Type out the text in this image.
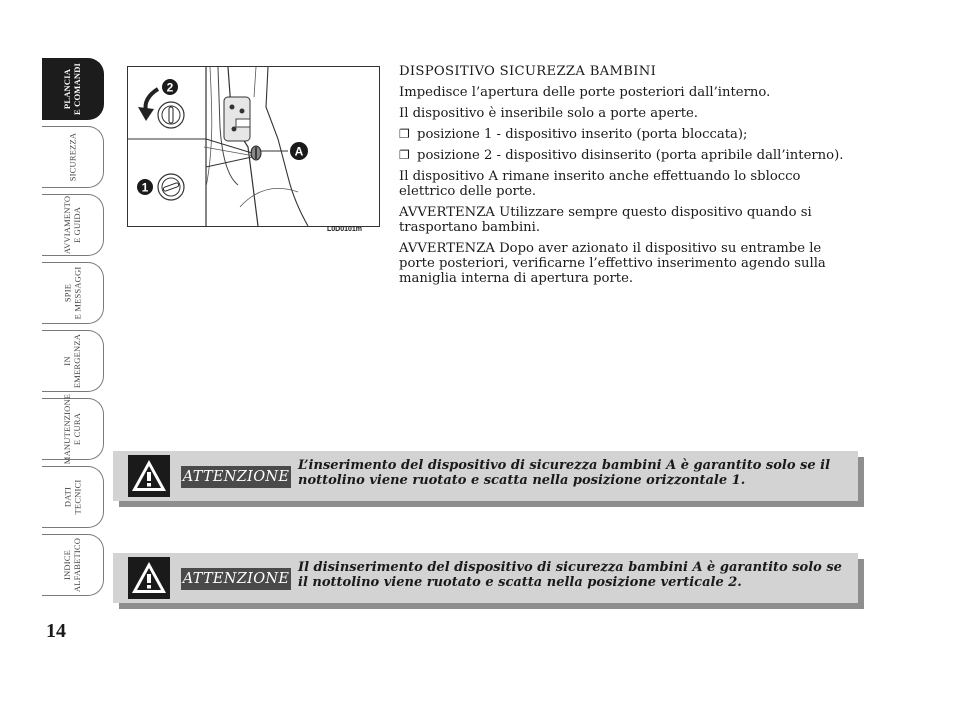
PLANCIA
E COMANDI
SICUREZZA
AVVIAMENTO
E GUIDA
SPIE
E MESSAGGI
IN
EMERGENZA
MANUTENZIONE
E CURA
DATI
TECNICI
INDICE
ALFABETICO
14
2
1
A
L0D0101m

DISPOSITIVO SICUREZZA BAMBINI

Impedisce l’apertura delle porte posteriori dall’interno.

Il dispositivo è inseribile solo a porte aperte.

❐ posizione 1 - dispositivo inserito (porta bloccata);

❐ posizione 2 - dispositivo disinserito (porta apribile dall’interno).

Il dispositivo A rimane inserito anche effettuando lo sblocco elettrico delle porte.

AVVERTENZA Utilizzare sempre questo dispositivo quando si trasportano bambini.

AVVERTENZA Dopo aver azionato il dispositivo su entrambe le porte posteriori, verificarne l’effettivo inserimento agendo sulla maniglia interna di apertura porte.

ATTENZIONE
L’inserimento del dispositivo di sicurezza bambini A è garantito solo se il nottolino viene ruotato e scatta nella posizione orizzontale 1.
ATTENZIONE
Il disinserimento del dispositivo di sicurezza bambini A è garantito solo se il nottolino viene ruotato e scatta nella posizione verticale 2.
